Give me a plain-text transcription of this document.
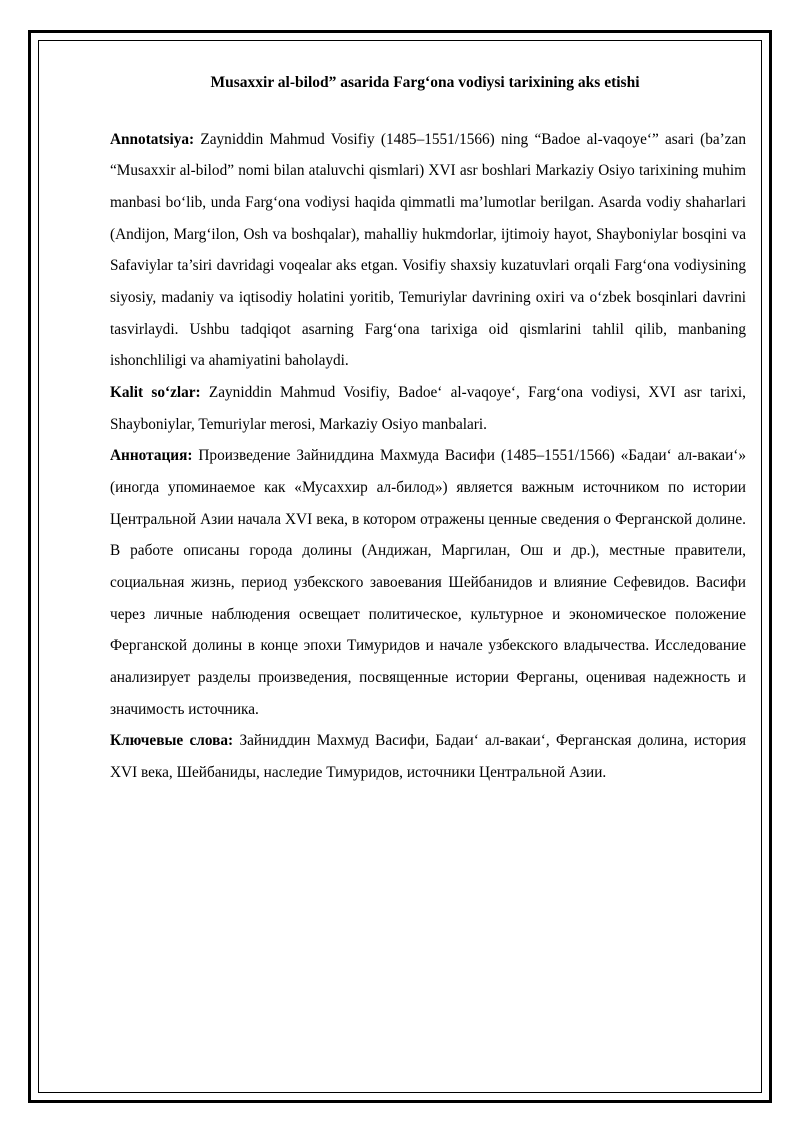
Musaxxir al-bilod” asarida Farg‘ona vodiysi tarixining aks etishi

Annotatsiya: Zayniddin Mahmud Vosifiy (1485–1551/1566) ning “Badoe al-vaqoye‘” asari (ba’zan “Musaxxir al-bilod” nomi bilan ataluvchi qismlari) XVI asr boshlari Markaziy Osiyo tarixining muhim manbasi bo‘lib, unda Farg‘ona vodiysi haqida qimmatli ma’lumotlar berilgan. Asarda vodiy shaharlari (Andijon, Marg‘ilon, Osh va boshqalar), mahalliy hukmdorlar, ijtimoiy hayot, Shayboniylar bosqini va Safaviylar ta’siri davridagi voqealar aks etgan. Vosifiy shaxsiy kuzatuvlari orqali Farg‘ona vodiysining siyosiy, madaniy va iqtisodiy holatini yoritib, Temuriylar davrining oxiri va o‘zbek bosqinlari davrini tasvirlaydi. Ushbu tadqiqot asarning Farg‘ona tarixiga oid qismlarini tahlil qilib, manbaning ishonchliligi va ahamiyatini baholaydi.

Kalit so‘zlar: Zayniddin Mahmud Vosifiy, Badoe‘ al-vaqoye‘, Farg‘ona vodiysi, XVI asr tarixi, Shayboniylar, Temuriylar merosi, Markaziy Osiyo manbalari.

Аннотация: Произведение Зайниддина Махмуда Васифи (1485–1551/1566) «Бадаи‘ ал-вакаи‘» (иногда упоминаемое как «Мусаххир ал-билод») является важным источником по истории Центральной Азии начала XVI века, в котором отражены ценные сведения о Ферганской долине. В работе описаны города долины (Андижан, Маргилан, Ош и др.), местные правители, социальная жизнь, период узбекского завоевания Шейбанидов и влияние Сефевидов. Васифи через личные наблюдения освещает политическое, культурное и экономическое положение Ферганской долины в конце эпохи Тимуридов и начале узбекского владычества. Исследование анализирует разделы произведения, посвященные истории Ферганы, оценивая надежность и значимость источника.

Ключевые слова: Зайниддин Махмуд Васифи, Бадаи‘ ал-вакаи‘, Ферганская долина, история XVI века, Шейбаниды, наследие Тимуридов, источники Центральной Азии.
